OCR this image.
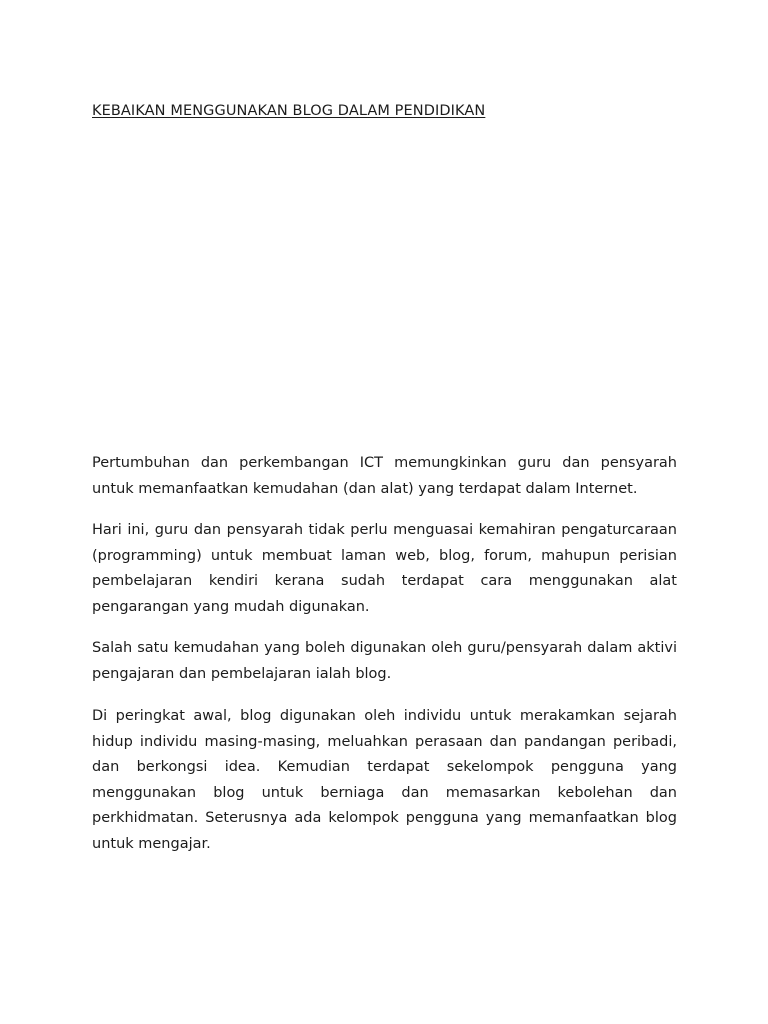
KEBAIKAN MENGGUNAKAN BLOG DALAM PENDIDIKAN

Pertumbuhan dan perkembangan ICT memungkinkan guru dan pensyarah untuk memanfaatkan kemudahan (dan alat) yang terdapat dalam Internet.

Hari ini, guru dan pensyarah tidak perlu menguasai kemahiran pengaturcaraan (programming) untuk membuat laman web, blog, forum, mahupun perisian pembelajaran kendiri kerana sudah terdapat cara menggunakan alat pengarangan yang mudah digunakan.

Salah satu kemudahan yang boleh digunakan oleh guru/pensyarah dalam aktivi pengajaran dan pembelajaran ialah blog.

Di peringkat awal, blog digunakan oleh individu untuk merakamkan sejarah hidup individu masing-masing, meluahkan perasaan dan pandangan peribadi, dan berkongsi idea. Kemudian terdapat sekelompok pengguna yang menggunakan blog untuk berniaga dan memasarkan kebolehan dan perkhidmatan. Seterusnya ada kelompok pengguna yang memanfaatkan blog untuk mengajar.
